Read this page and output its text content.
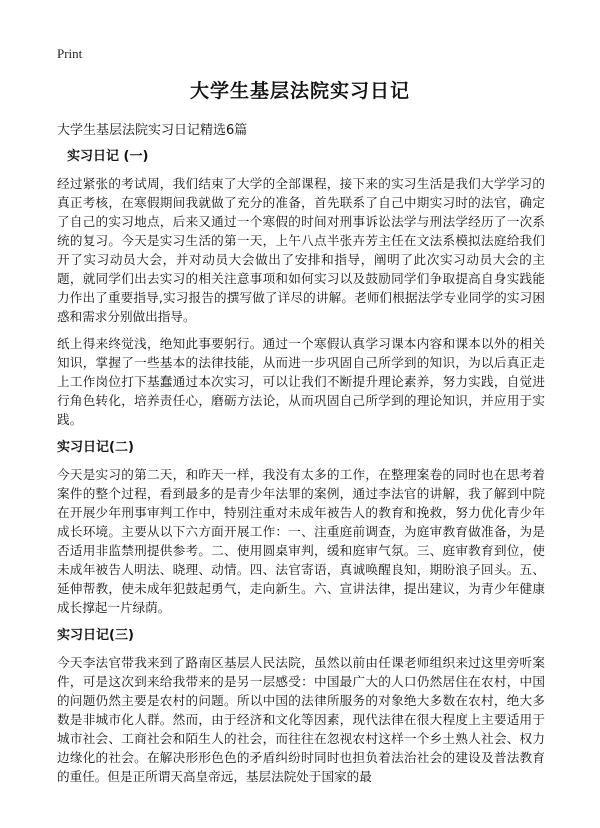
Print
大学生基层法院实习日记
大学生基层法院实习日记精选6篇
实习日记 (一)

经过紧张的考试周，我们结束了大学的全部课程，接下来的实习生活是我们大学学习的真正考核，在寒假期间我就做了充分的准备，首先联系了自己中期实习时的法官，确定了自己的实习地点，后来又通过一个寒假的时间对刑事诉讼法学与刑法学经历了一次系统的复习。今天是实习生活的第一天，上午八点半张卉芳主任在文法系模拟法庭给我们开了实习动员大会，并对动员大会做出了安排和指导，阐明了此次实习动员大会的主题，就同学们出去实习的相关注意事项和如何实习以及鼓励同学们争取提高自身实践能力作出了重要指导,实习报告的撰写做了详尽的讲解。老师们根据法学专业同学的实习困惑和需求分别做出指导。

纸上得来终觉浅，绝知此事要躬行。通过一个寒假认真学习课本内容和课本以外的相关知识，掌握了一些基本的法律技能，从而进一步巩固自己所学到的知识，为以后真正走上工作岗位打下基蠢通过本次实习，可以让我们不断提升理论素养，努力实践，自觉进行角色转化，培养责任心，磨砺方法论，从而巩固自己所学到的理论知识，并应用于实践。

实习日记(二)

今天是实习的第二天，和昨天一样，我没有太多的工作，在整理案卷的同时也在思考着案件的整个过程，看到最多的是青少年法罪的案例，通过李法官的讲解，我了解到中院在开展少年刑事审判工作中，特别注重对未成年被告人的教育和挽救，努力优化青少年成长环境。主要从以下六方面开展工作：一、注重庭前调查，为庭审教育做准备，为是否适用非监禁刑提供参考。二、使用圆桌审判，缓和庭审气氛。三、庭审教育到位，使未成年被告人明法、晓理、动情。四、法官寄语，真诚唤醒良知，期盼浪子回头。五、延伸帮教，使未成年犯鼓起勇气，走向新生。六、宣讲法律，提出建议，为青少年健康成长撑起一片绿荫。

实习日记(三)

今天李法官带我来到了路南区基层人民法院，虽然以前由任课老师组织来过这里旁听案件，可是这次到来给我带来的是另一层感受：中国最广大的人口仍然居住在农村，中国的问题仍然主要是农村的问题。所以中国的法律所服务的对象绝大多数在农村，绝大多数是非城市化人群。然而，由于经济和文化等因素，现代法律在很大程度上主要适用于城市社会、工商社会和陌生人的社会，而往往在忽视农村这样一个乡土熟人社会、权力边缘化的社会。在解决形形色色的矛盾纠纷时同时也担负着法治社会的建设及普法教育的重任。但是正所谓天高皇帝远，基层法院处于国家的最
